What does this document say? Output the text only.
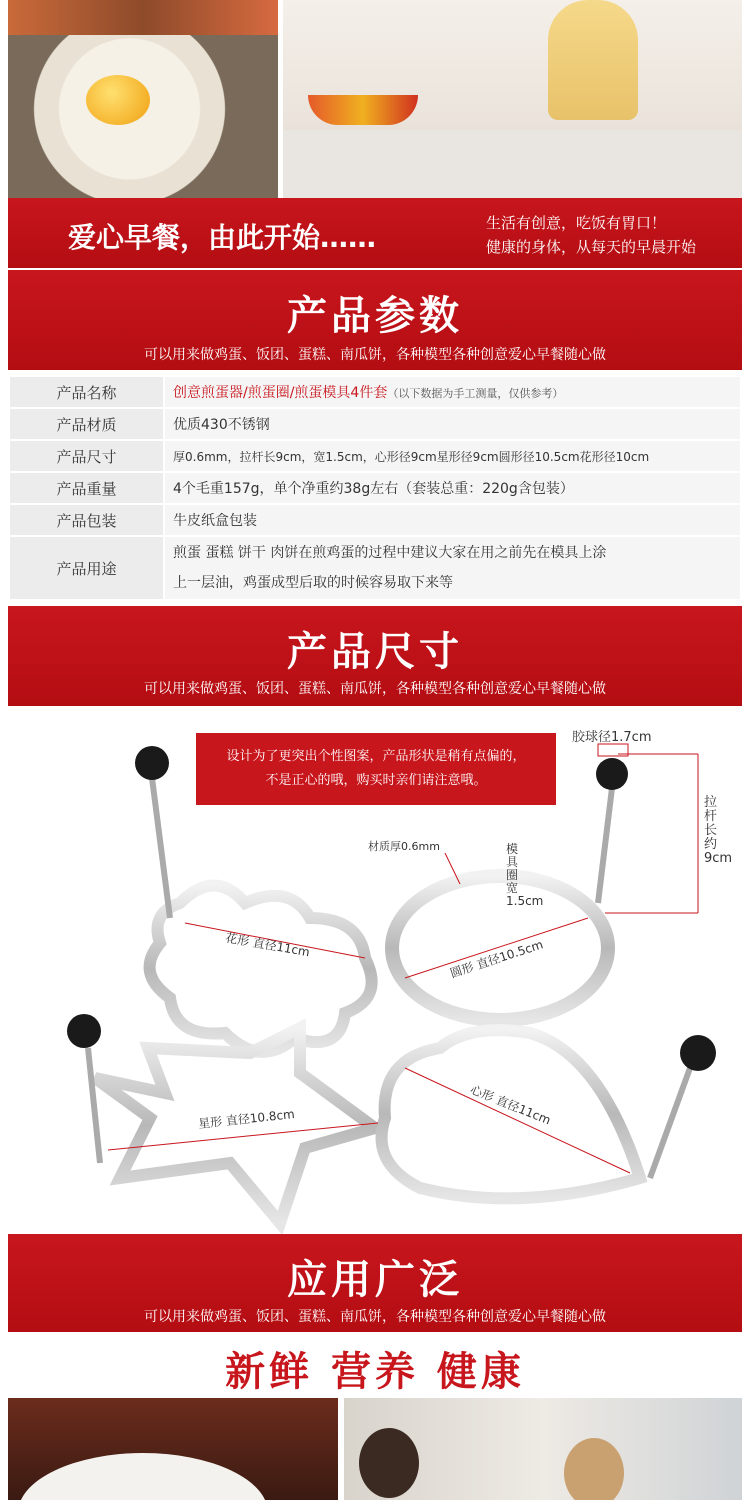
爱心早餐，由此开始……	生活有创意，吃饭有胃口！
健康的身体，从每天的早晨开始
产品参数
可以用来做鸡蛋、饭团、蛋糕、南瓜饼，各种模型各种创意爱心早餐随心做
产品名称	创意煎蛋器/煎蛋圈/煎蛋模具4件套（以下数据为手工测量，仅供参考）
产品材质	优质430不锈钢
产品尺寸	厚0.6mm，拉杆长9cm，宽1.5cm，心形径9cm星形径9cm圆形径10.5cm花形径10cm
产品重量	4个毛重157g，单个净重约38g左右（套装总重：220g含包装）
产品包装	牛皮纸盒包装
产品用途	煎蛋 蛋糕 饼干 肉饼在煎鸡蛋的过程中建议大家在用之前先在模具上涂
上一层油，鸡蛋成型后取的时候容易取下来等
产品尺寸
可以用来做鸡蛋、饭团、蛋糕、南瓜饼，各种模型各种创意爱心早餐随心做
设计为了更突出个性图案，产品形状是稍有点偏的，
不是正心的哦，购买时亲们请注意哦。
胶球径1.7cm
拉杆长约9cm
材质厚0.6mm	模具圈宽1.5cm
花形 直径11cm	圆形 直径10.5cm
星形 直径10.8cm	心形 直径11cm
应用广泛
可以用来做鸡蛋、饭团、蛋糕、南瓜饼，各种模型各种创意爱心早餐随心做
新鲜 营养 健康
